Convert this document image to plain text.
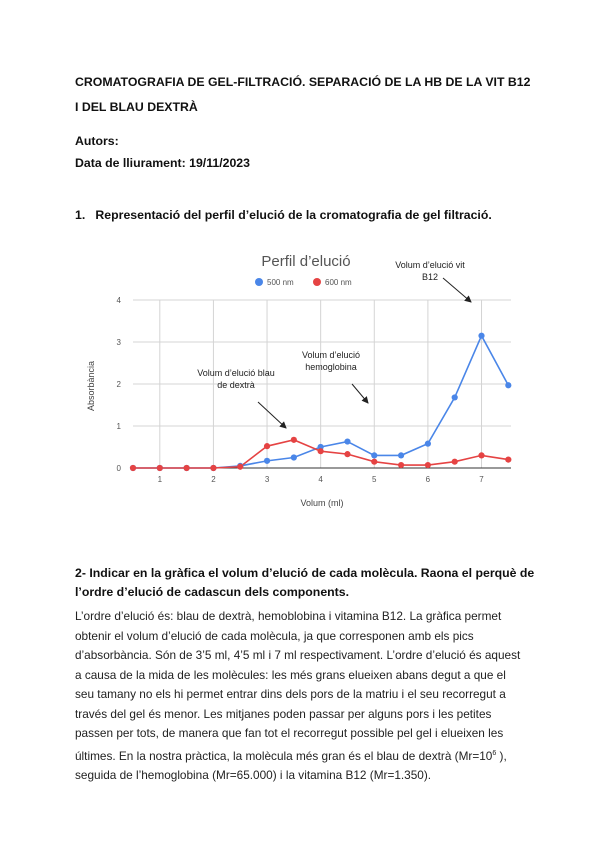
CROMATOGRAFIA DE GEL-FILTRACIÓ. SEPARACIÓ DE LA HB DE LA VIT B12 I DEL BLAU DEXTRÀ
Autors:
Data de lliurament: 19/11/2023
1. Representació del perfil d’elució de la cromatografia de gel filtració.
Perfil d’elució
500 nm	600 nm
0
1
2
3
4
1	2	3	4	5	6	7
Volum d’elució blau
de dextrà
Volum d’elució
hemoglobina
Volum d’elució vit
B12
Volum (ml)
Absorbància
2- Indicar en la gràfica el volum d’elució de cada molècula. Raona el perquè de l’ordre d’elució de cadascun dels components.
L’ordre d’elució és: blau de dextrà, hemoblobina i vitamina B12. La gràfica permet obtenir el volum d’elució de cada molècula, ja que corresponen amb els pics d’absorbància. Són de 3’5 ml, 4’5 ml i 7 ml respectivament. L’ordre d’elució és aquest a causa de la mida de les molècules: les més grans elueixen abans degut a que el seu tamany no els hi permet entrar dins dels pors de la matriu i el seu recorregut a través del gel és menor. Les mitjanes poden passar per alguns pors i les petites passen per tots, de manera que fan tot el recorregut possible pel gel i elueixen les últimes. En la nostra pràctica, la molècula més gran és el blau de dextrà ($Mr=10^6$ ), seguida de l’hemoglobina (Mr=65.000) i la vitamina B12 (Mr=1.350).
